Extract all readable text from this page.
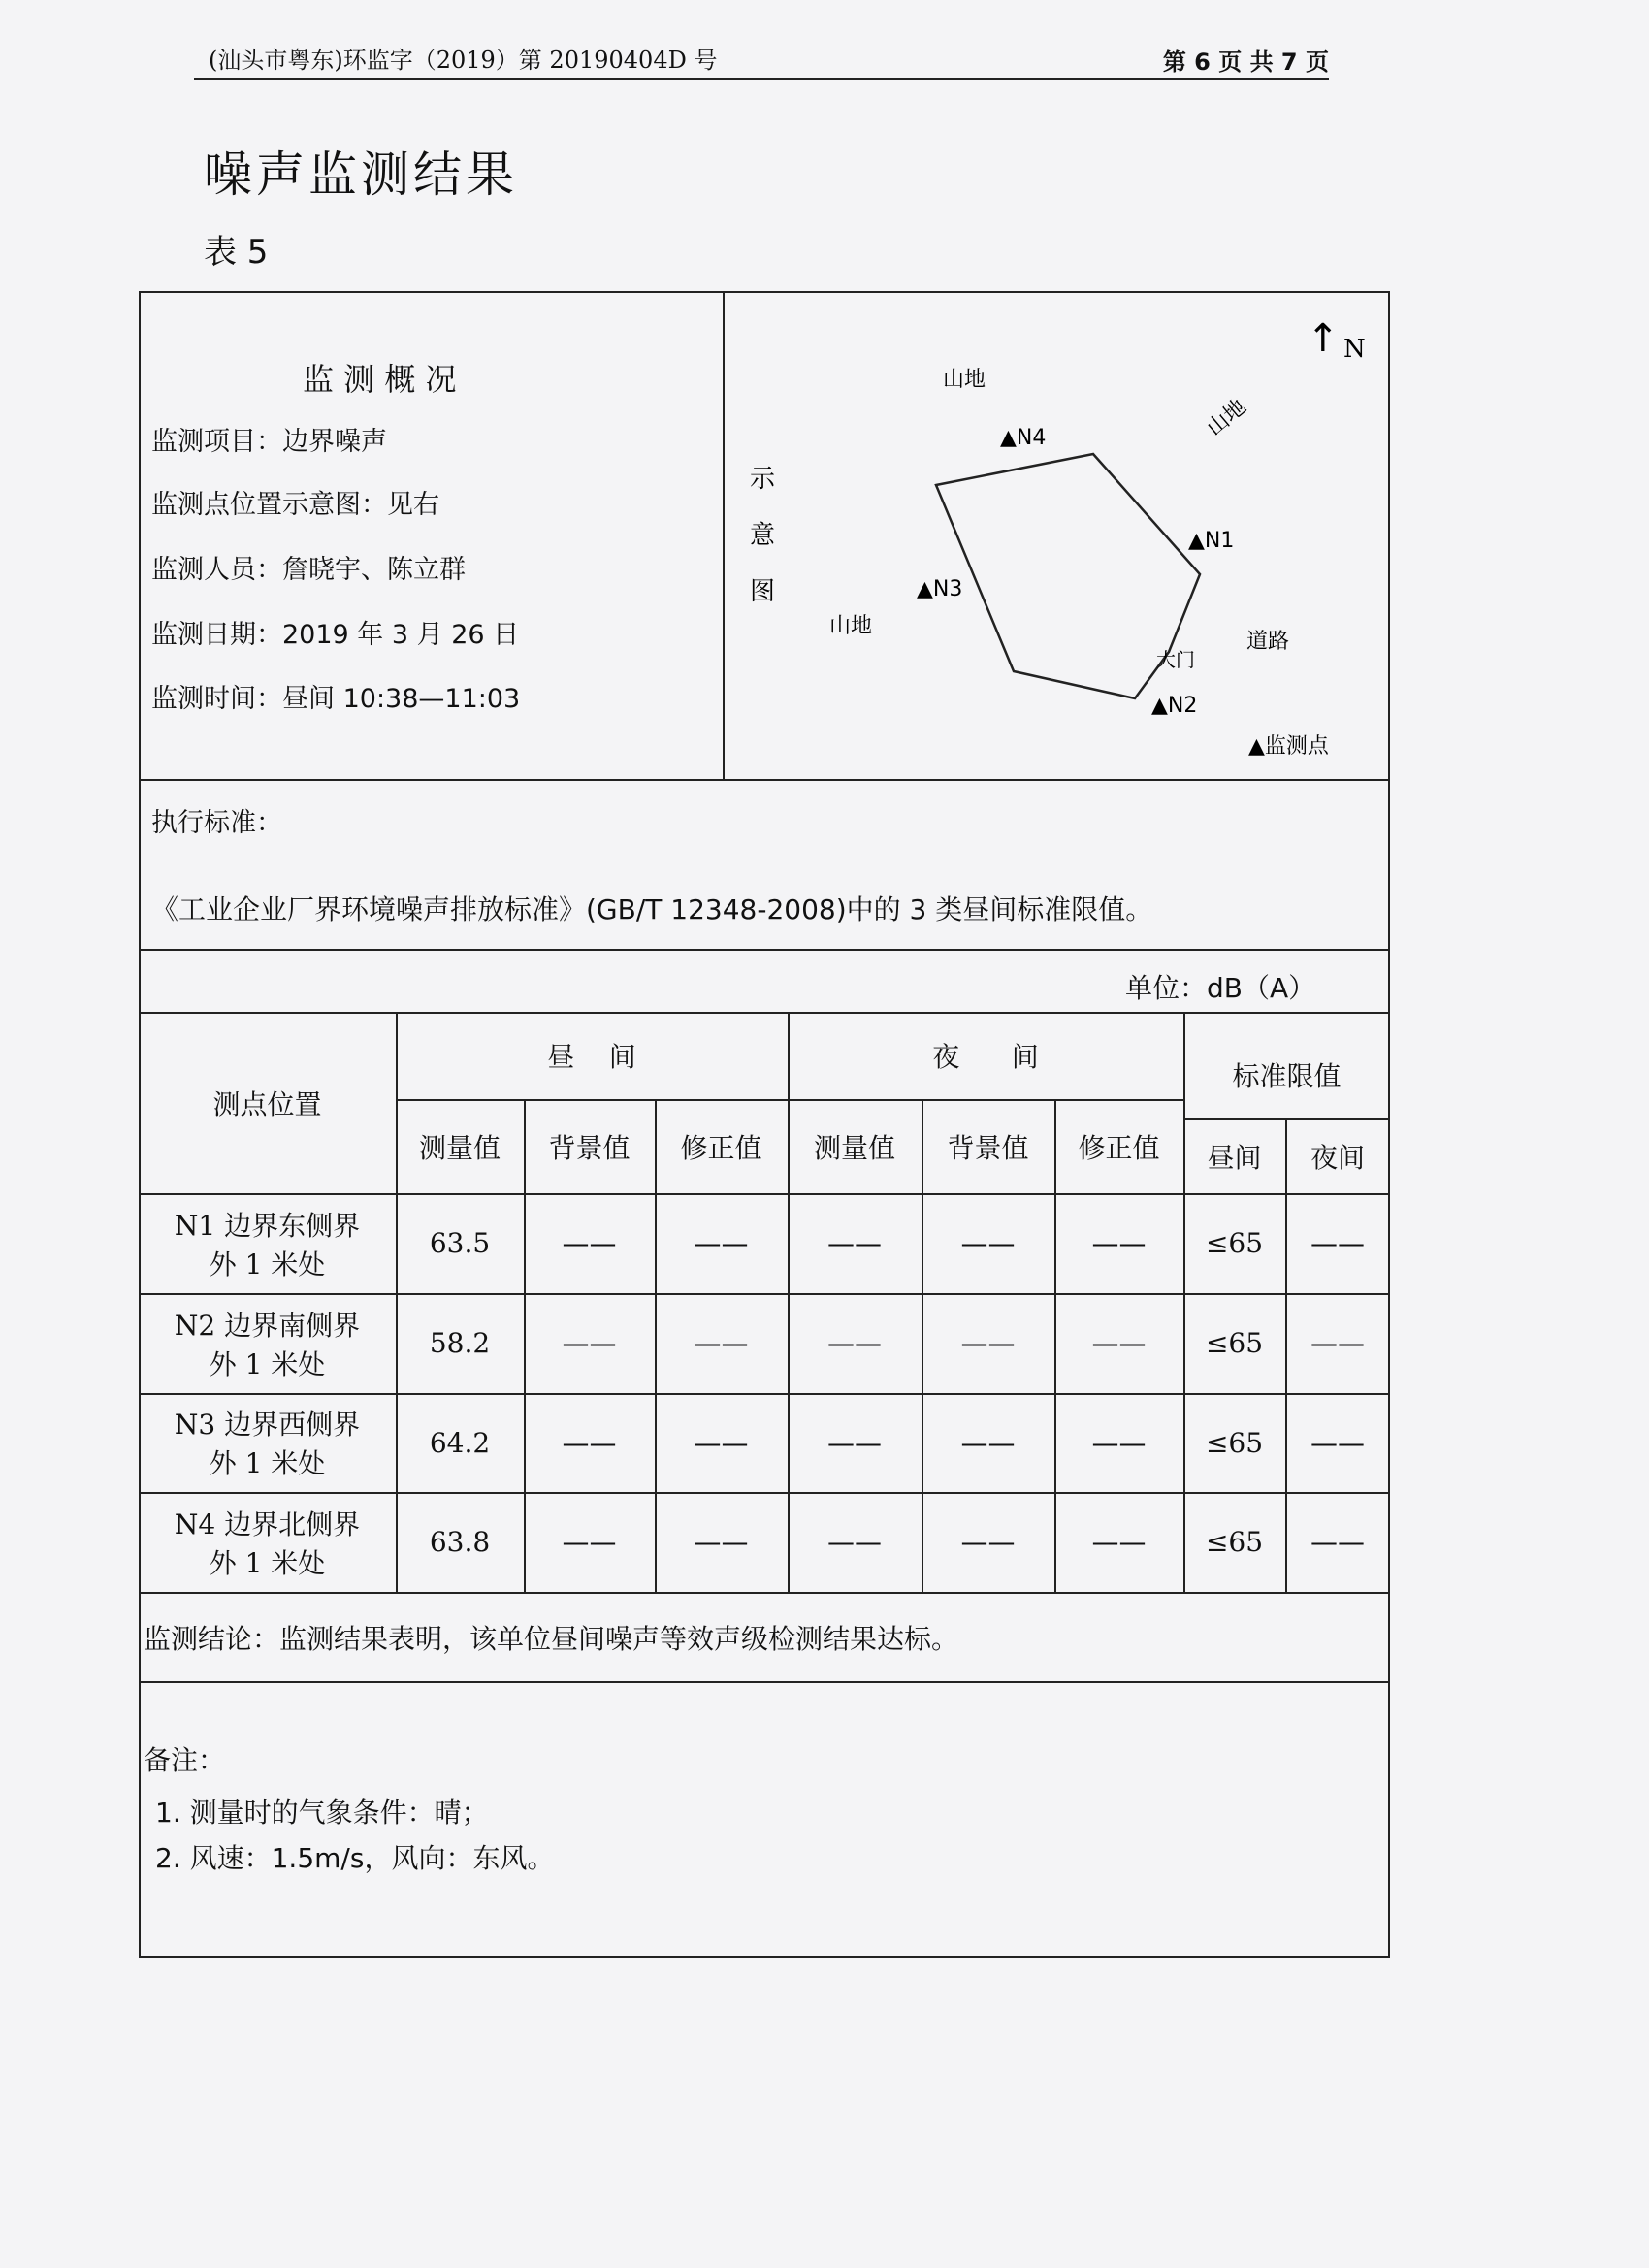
(汕头市粤东)环监字（2019）第 20190404D 号	第 6 页 共 7 页
噪声监测结果
表 5
监 测 概 况
监测项目：边界噪声
监测点位置示意图：见右
监测人员：詹晓宇、陈立群
监测日期：2019 年 3 月 26 日
监测时间：昼间 10:38—11:03
示
意
图
↑ N
山地
山地
山地
道路
大门
▲N4
▲N1
▲N3
▲N2
▲监测点
执行标准：
《工业企业厂界环境噪声排放标准》(GB/T 12348-2008)中的 3 类昼间标准限值。
单位：dB（A）
测点位置
昼    间	夜      间
标准限值
测量值	背景值	修正值	测量值	背景值	修正值	昼间	夜间
N1 边界东侧界
外 1 米处
63.5	——	——	——	——	——	≤65	——
N2 边界南侧界
外 1 米处
58.2	——	——	——	——	——	≤65	——
N3 边界西侧界
外 1 米处
64.2	——	——	——	——	——	≤65	——
N4 边界北侧界
外 1 米处
63.8	——	——	——	——	——	≤65	——
监测结论：监测结果表明，该单位昼间噪声等效声级检测结果达标。
备注：
1. 测量时的气象条件：晴；
2. 风速：1.5m/s，风向：东风。
